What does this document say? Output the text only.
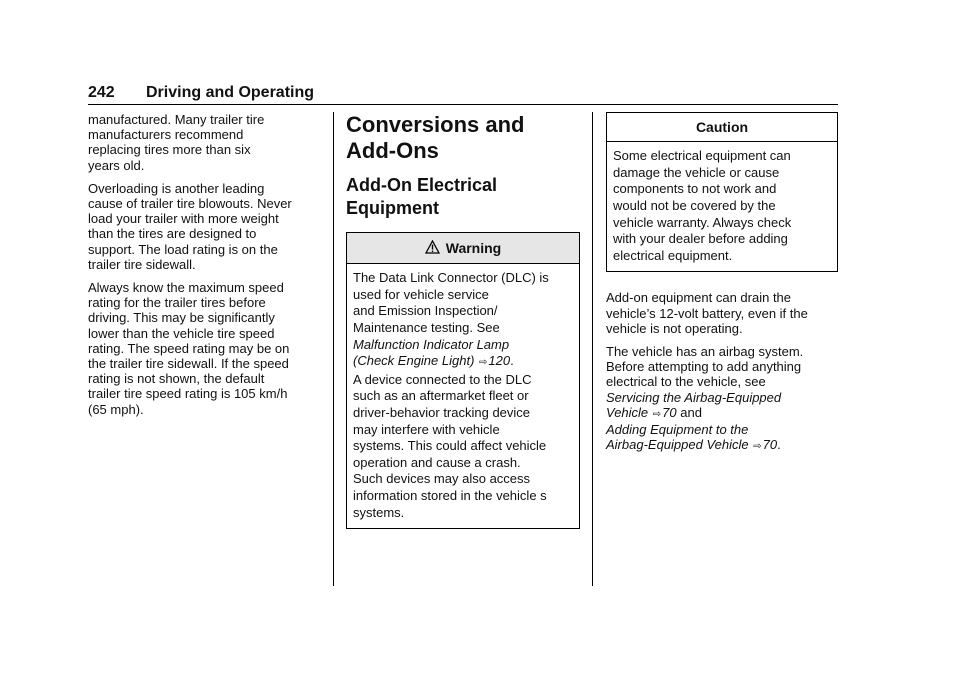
242 Driving and Operating

manufactured. Many trailer tire
manufacturers recommend
replacing tires more than six
years old.

Overloading is another leading
cause of trailer tire blowouts. Never
load your trailer with more weight
than the tires are designed to
support. The load rating is on the
trailer tire sidewall.

Always know the maximum speed
rating for the trailer tires before
driving. This may be significantly
lower than the vehicle tire speed
rating. The speed rating may be on
the trailer tire sidewall. If the speed
rating is not shown, the default
trailer tire speed rating is 105 km/h
(65 mph).

Conversions and
Add-Ons
Add-On Electrical
Equipment
Warning
The Data Link Connector (DLC) is
used for vehicle service
and Emission Inspection/
Maintenance testing. See
Malfunction Indicator Lamp
(Check Engine Light) ⇨120.
A device connected to the DLC
such as an aftermarket fleet or
driver-behavior tracking device
may interfere with vehicle
systems. This could affect vehicle
operation and cause a crash.
Such devices may also access
information stored in the vehicle s
systems.
Caution
Some electrical equipment can
damage the vehicle or cause
components to not work and
would not be covered by the
vehicle warranty. Always check
with your dealer before adding
electrical equipment.

Add-on equipment can drain the
vehicle’s 12-volt battery, even if the
vehicle is not operating.

The vehicle has an airbag system.
Before attempting to add anything
electrical to the vehicle, see
Servicing the Airbag-Equipped
Vehicle ⇨70 and
Adding Equipment to the
Airbag-Equipped Vehicle ⇨70.
